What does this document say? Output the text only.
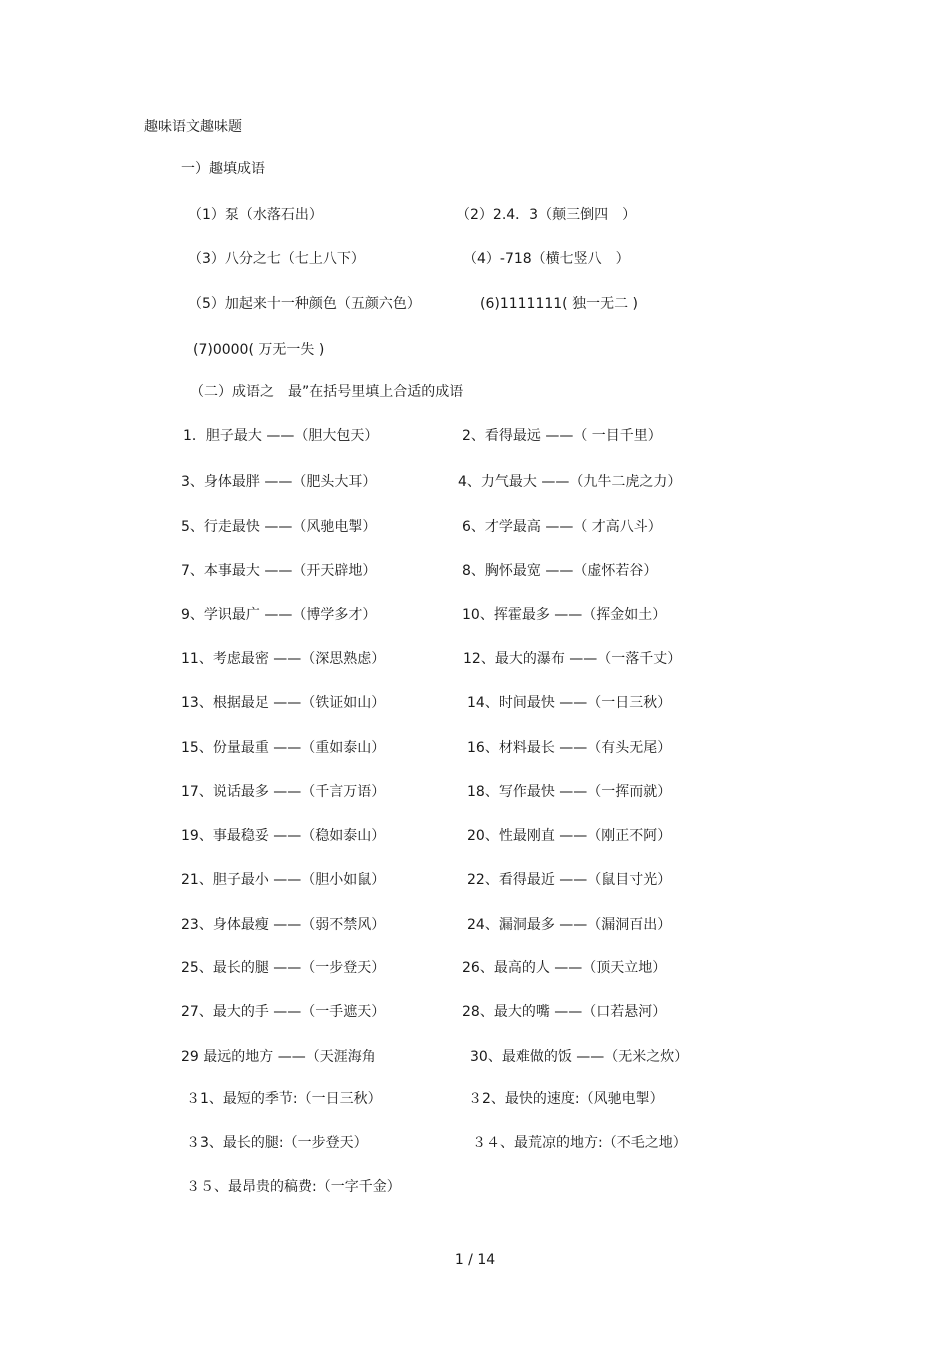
趣味语文趣味题
一）趣填成语
（1）泵（水落石出）	（2）2.4．3（颠三倒四　）
（3）八分之七（七上八下）	（4）-718（横七竖八　）
（5）加起来十一种颜色（五颜六色）	(6)1111111( 独一无二 )
(7)0000( 万无一失 )
（二）成语之　最”在括号里填上合适的成语
1．胆子最大 ——（胆大包天）	2、看得最远 ——（ 一目千里）
3、身体最胖 ——（肥头大耳）	4、力气最大 ——（九牛二虎之力）
5、行走最快 ——（风驰电掣）	6、才学最高 ——（ 才高八斗）
7、本事最大 ——（开天辟地）	8、胸怀最宽 ——（虚怀若谷）
9、学识最广 ——（博学多才）	10、挥霍最多 ——（挥金如土）
11、考虑最密 ——（深思熟虑）	12、最大的瀑布 ——（一落千丈）
13、根据最足 ——（铁证如山）	14、时间最快 ——（一日三秋）
15、份量最重 ——（重如泰山）	16、材料最长 ——（有头无尾）
17、说话最多 ——（千言万语）	18、写作最快 ——（一挥而就）
19、事最稳妥 ——（稳如泰山）	20、性最刚直 ——（刚正不阿）
21、胆子最小 ——（胆小如鼠）	22、看得最近 ——（鼠目寸光）
23、身体最瘦 ——（弱不禁风）	24、漏洞最多 ——（漏洞百出）
25、最长的腿 ——（一步登天）	26、最高的人 ——（顶天立地）
27、最大的手 ——（一手遮天）	28、最大的嘴 ——（口若悬河）
29 最远的地方 ——（天涯海角	30、最难做的饭 ——（无米之炊）
３1、最短的季节:（一日三秋）	３2、最快的速度:（风驰电掣）
３3、最长的腿:（一步登天）	３４、最荒凉的地方:（不毛之地）
３５、最昂贵的稿费:（一字千金）
1 / 14
